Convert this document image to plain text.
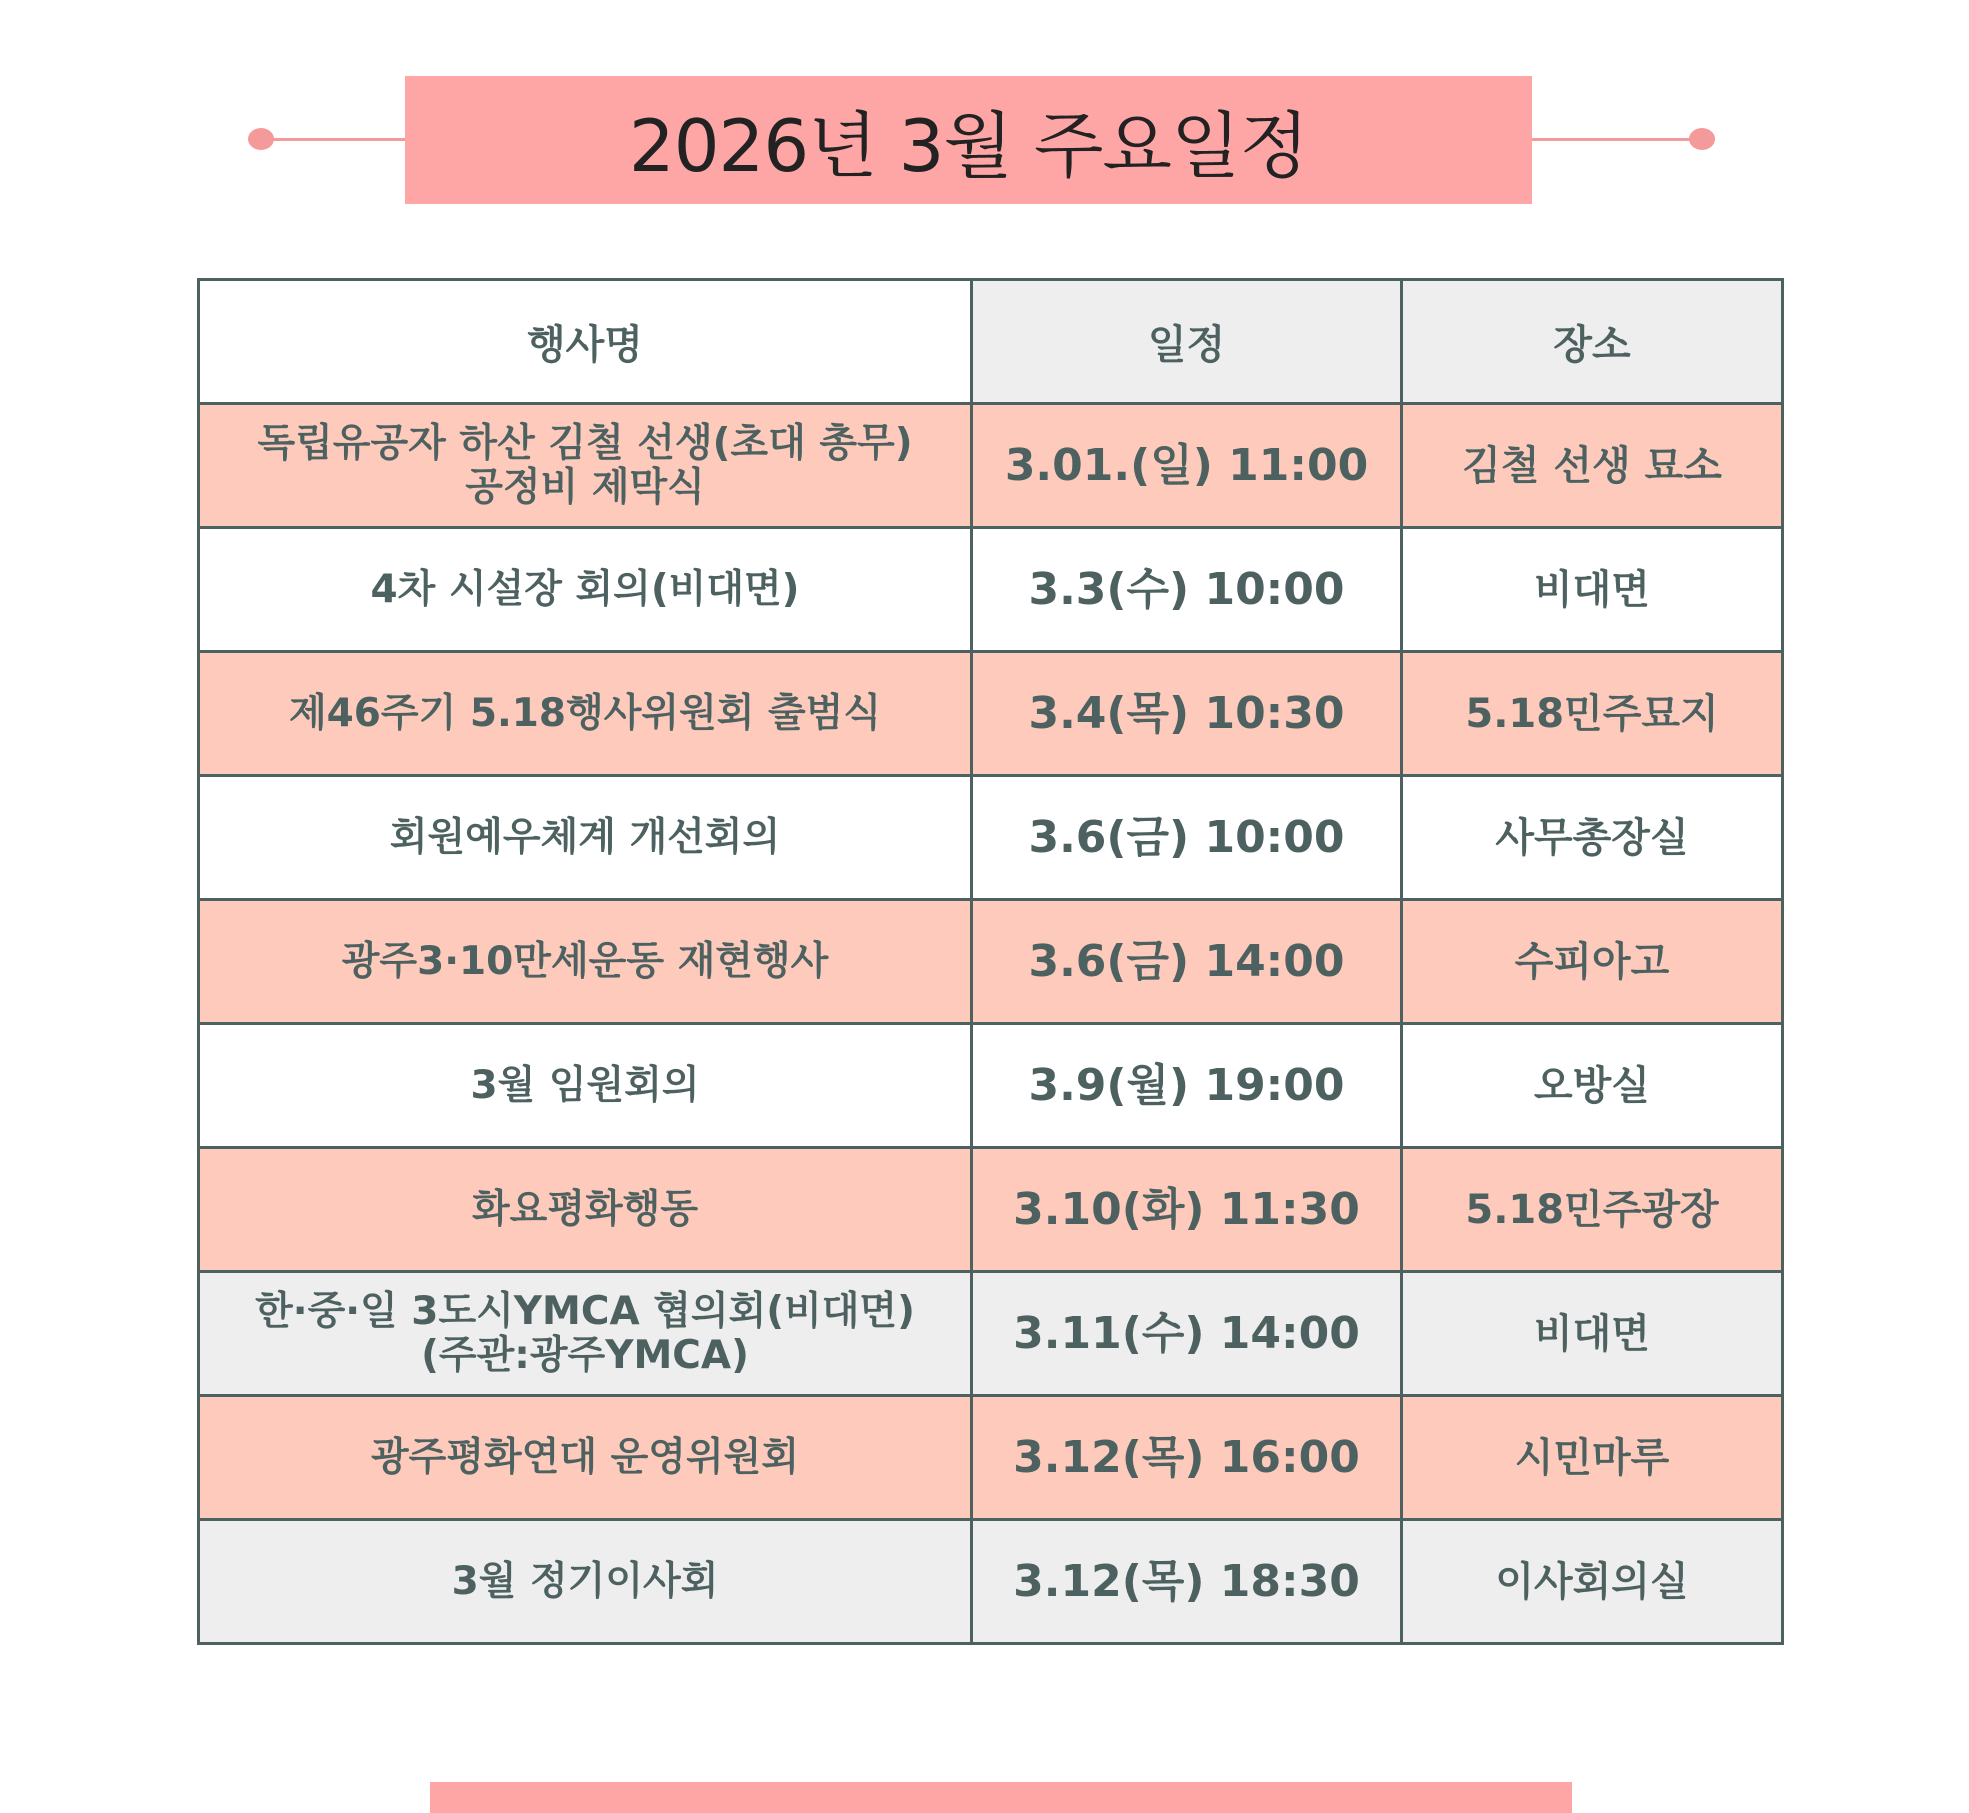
2026년 3월 주요일정
행사명	일정	장소
독립유공자 하산 김철 선생(초대 총무)
공정비 제막식	3.01.(일) 11:00	김철 선생 묘소
4차 시설장 회의(비대면)	3.3(수) 10:00	비대면
제46주기 5.18행사위원회 출범식	3.4(목) 10:30	5.18민주묘지
회원예우체계 개선회의	3.6(금) 10:00	사무총장실
광주3·10만세운동 재현행사	3.6(금) 14:00	수피아고
3월 임원회의	3.9(월) 19:00	오방실
화요평화행동	3.10(화) 11:30	5.18민주광장
한·중·일 3도시YMCA 협의회(비대면)
(주관:광주YMCA)	3.11(수) 14:00	비대면
광주평화연대 운영위원회	3.12(목) 16:00	시민마루
3월 정기이사회	3.12(목) 18:30	이사회의실
